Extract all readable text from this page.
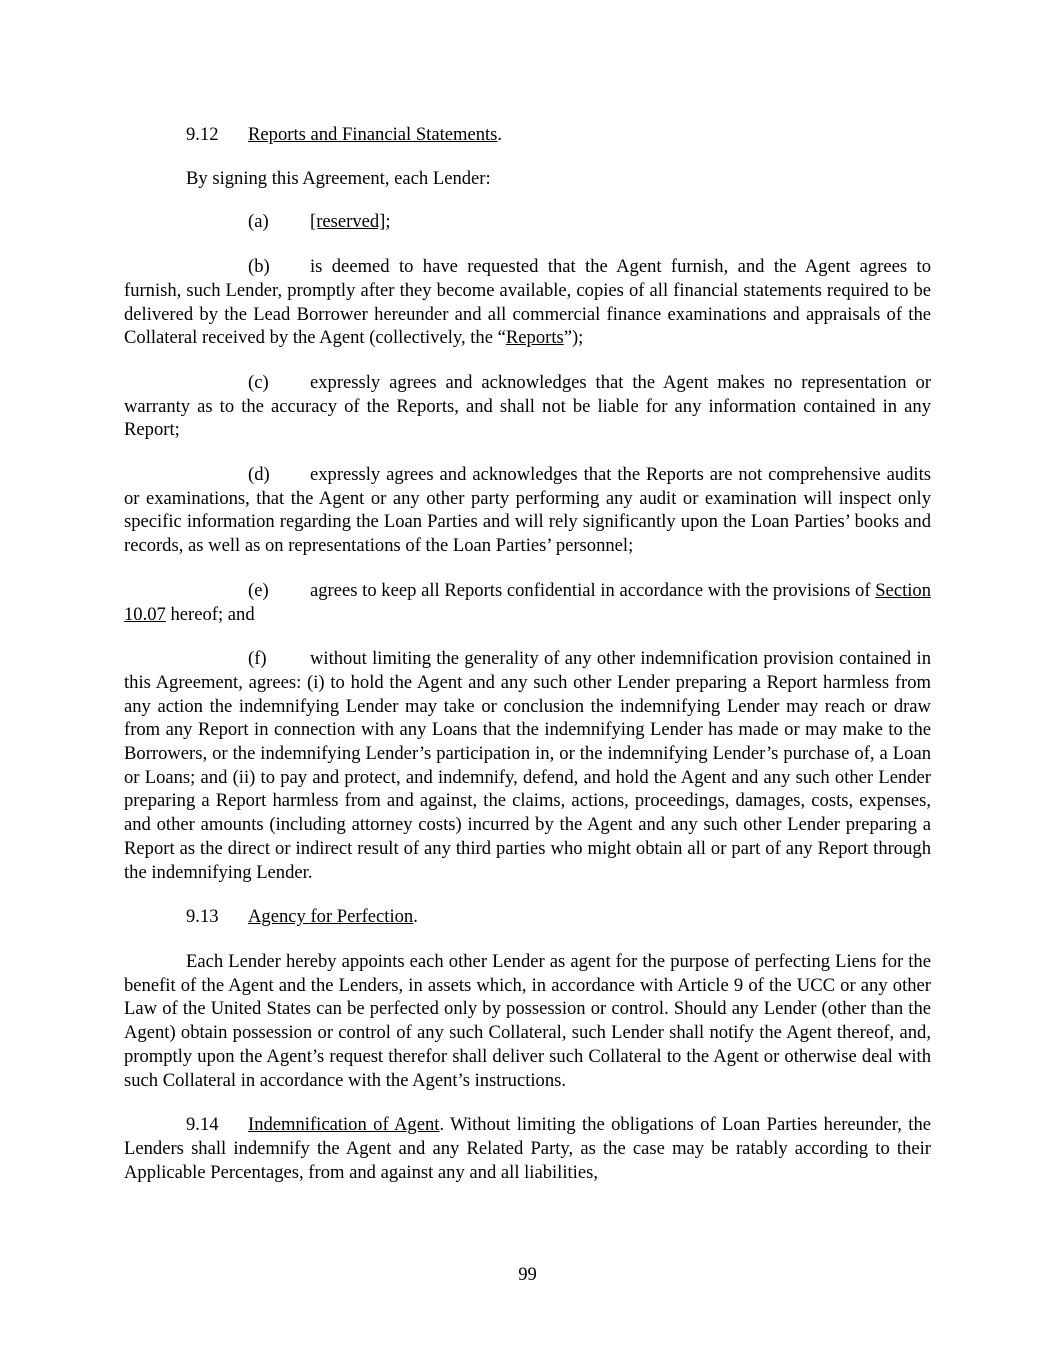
9.12 Reports and Financial Statements.

By signing this Agreement, each Lender:

(a) [reserved];

(b) is deemed to have requested that the Agent furnish, and the Agent agrees to furnish, such Lender, promptly after they become available, copies of all financial statements required to be delivered by the Lead Borrower hereunder and all commercial finance examinations and appraisals of the Collateral received by the Agent (collectively, the “Reports”);

(c) expressly agrees and acknowledges that the Agent makes no representation or warranty as to the accuracy of the Reports, and shall not be liable for any information contained in any Report;

(d) expressly agrees and acknowledges that the Reports are not comprehensive audits or examinations, that the Agent or any other party performing any audit or examination will inspect only specific information regarding the Loan Parties and will rely significantly upon the Loan Parties’ books and records, as well as on representations of the Loan Parties’ personnel;

(e) agrees to keep all Reports confidential in accordance with the provisions of Section 10.07 hereof; and

(f) without limiting the generality of any other indemnification provision contained in this Agreement, agrees: (i) to hold the Agent and any such other Lender preparing a Report harmless from any action the indemnifying Lender may take or conclusion the indemnifying Lender may reach or draw from any Report in connection with any Loans that the indemnifying Lender has made or may make to the Borrowers, or the indemnifying Lender’s participation in, or the indemnifying Lender’s purchase of, a Loan or Loans; and (ii) to pay and protect, and indemnify, defend, and hold the Agent and any such other Lender preparing a Report harmless from and against, the claims, actions, proceedings, damages, costs, expenses, and other amounts (including attorney costs) incurred by the Agent and any such other Lender preparing a Report as the direct or indirect result of any third parties who might obtain all or part of any Report through the indemnifying Lender.

9.13 Agency for Perfection.

Each Lender hereby appoints each other Lender as agent for the purpose of perfecting Liens for the benefit of the Agent and the Lenders, in assets which, in accordance with Article 9 of the UCC or any other Law of the United States can be perfected only by possession or control. Should any Lender (other than the Agent) obtain possession or control of any such Collateral, such Lender shall notify the Agent thereof, and, promptly upon the Agent’s request therefor shall deliver such Collateral to the Agent or otherwise deal with such Collateral in accordance with the Agent’s instructions.

9.14 Indemnification of Agent. Without limiting the obligations of Loan Parties hereunder, the Lenders shall indemnify the Agent and any Related Party, as the case may be ratably according to their Applicable Percentages, from and against any and all liabilities,

99
